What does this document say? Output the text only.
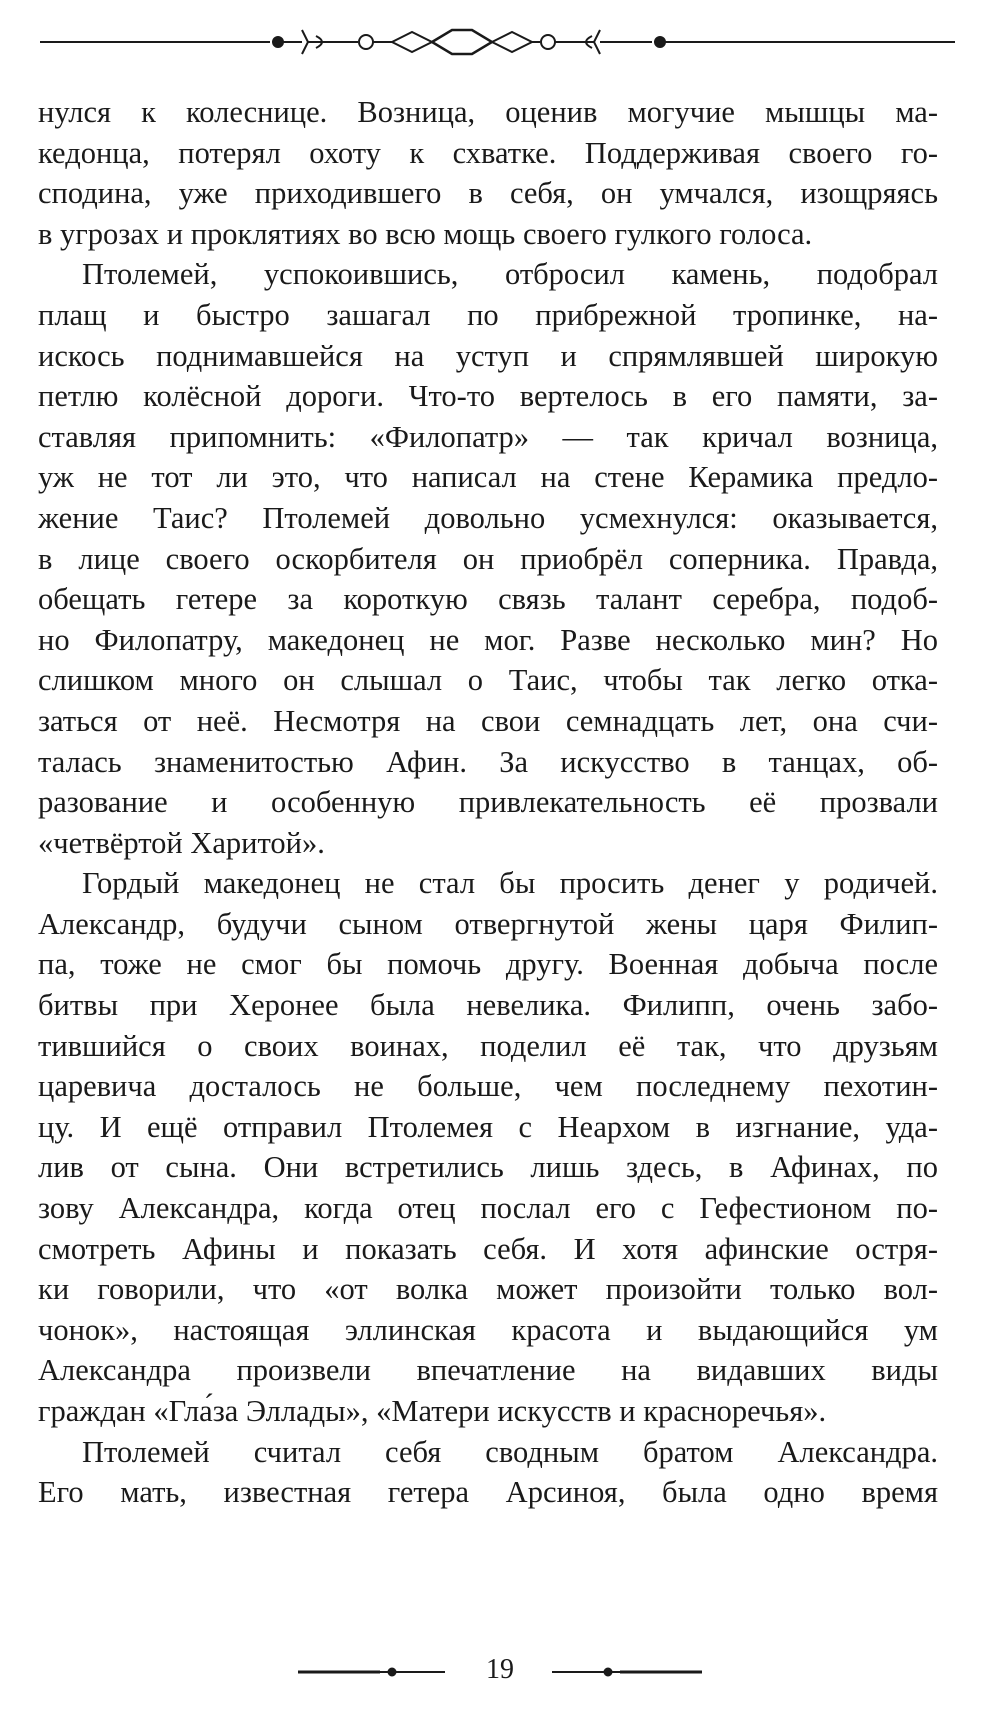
нулся к колеснице. Возница, оценив могучие мышцы ма-
кедонца, потерял охоту к схватке. Поддерживая своего го-
сподина, уже приходившего в себя, он умчался, изощряясь
в угрозах и проклятиях во всю мощь своего гулкого голоса.
Птолемей, успокоившись, отбросил камень, подобрал
плащ и быстро зашагал по прибрежной тропинке, на-
искось поднимавшейся на уступ и спрямлявшей широкую
петлю колёсной дороги. Что-то вертелось в его памяти, за-
ставляя припомнить: «Филопатр» — так кричал возница,
уж не тот ли это, что написал на стене Керамика предло-
жение Таис? Птолемей довольно усмехнулся: оказывается,
в лице своего оскорбителя он приобрёл соперника. Правда,
обещать гетере за короткую связь талант серебра, подоб-
но Филопатру, македонец не мог. Разве несколько мин? Но
слишком много он слышал о Таис, чтобы так легко отка-
заться от неё. Несмотря на свои семнадцать лет, она счи-
талась знаменитостью Афин. За искусство в танцах, об-
разование и особенную привлекательность её прозвали
«четвёртой Харитой».
Гордый македонец не стал бы просить денег у родичей.
Александр, будучи сыном отвергнутой жены царя Филип-
па, тоже не смог бы помочь другу. Военная добыча после
битвы при Херонее была невелика. Филипп, очень забо-
тившийся о своих воинах, поделил её так, что друзьям
царевича досталось не больше, чем последнему пехотин-
цу. И ещё отправил Птолемея с Неархом в изгнание, уда-
лив от сына. Они встретились лишь здесь, в Афинах, по
зову Александра, когда отец послал его с Гефестионом по-
смотреть Афины и показать себя. И хотя афинские остря-
ки говорили, что «от волка может произойти только вол-
чонок», настоящая эллинская красота и выдающийся ум
Александра произвели впечатление на видавших виды
граждан «Гла́за Эллады», «Матери искусств и красноречья».
Птолемей считал себя сводным братом Александра.
Его мать, известная гетера Арсиноя, была одно время
19
